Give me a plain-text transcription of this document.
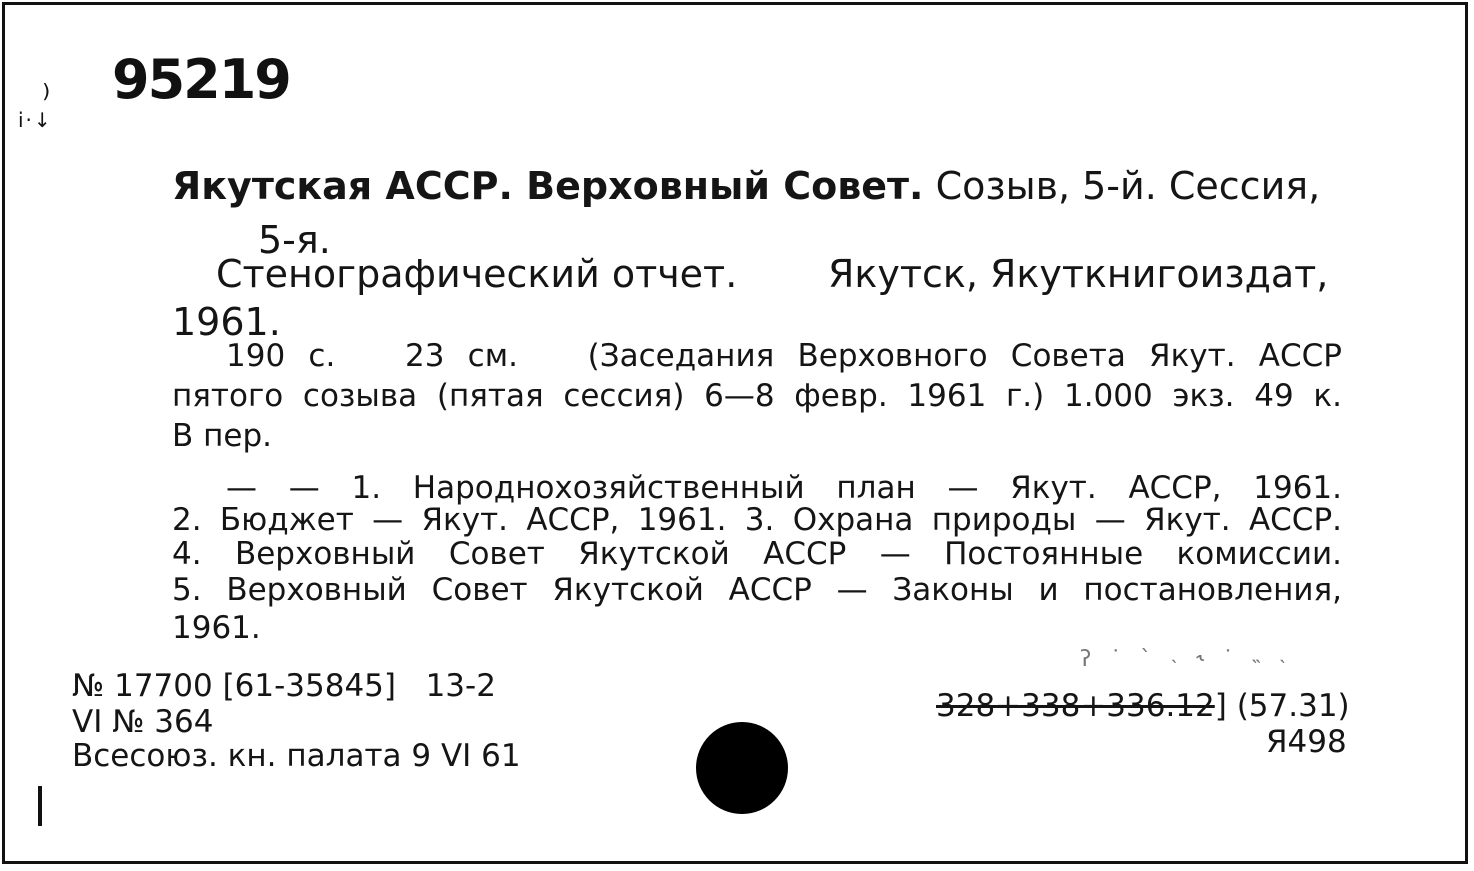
⁾
ⅰ·↓
95219
Якутская АССР. Верховный Совет. Созыв, 5-й. Сессия,
5-я.
Стенографический отчет. Якутск, Якуткнигоиздат,
1961.
190 с.   23 см.   (Заседания Верховного Совета Якут. АССР
пятого созыва (пятая сессия) 6—8 февр. 1961 г.) 1.000 экз. 49 к.
В пер.
— — 1. Народнохозяйственный план — Якут. АССР, 1961.
2. Бюджет — Якут. АССР, 1961. 3. Охрана природы — Якут. АССР.
4. Верховный Совет Якутской АССР — Постоянные комиссии.
5. Верховный Совет Якутской АССР — Законы и постановления,
1961.
№ 17700 [61-35845]   13-2
VI № 364
Всесоюз. кн. палата 9 VI 61
ʔ ˙ ˋ ˴ ˞ ˙ ˵ ˴
328+338+336.12] (57.31)
Я498
